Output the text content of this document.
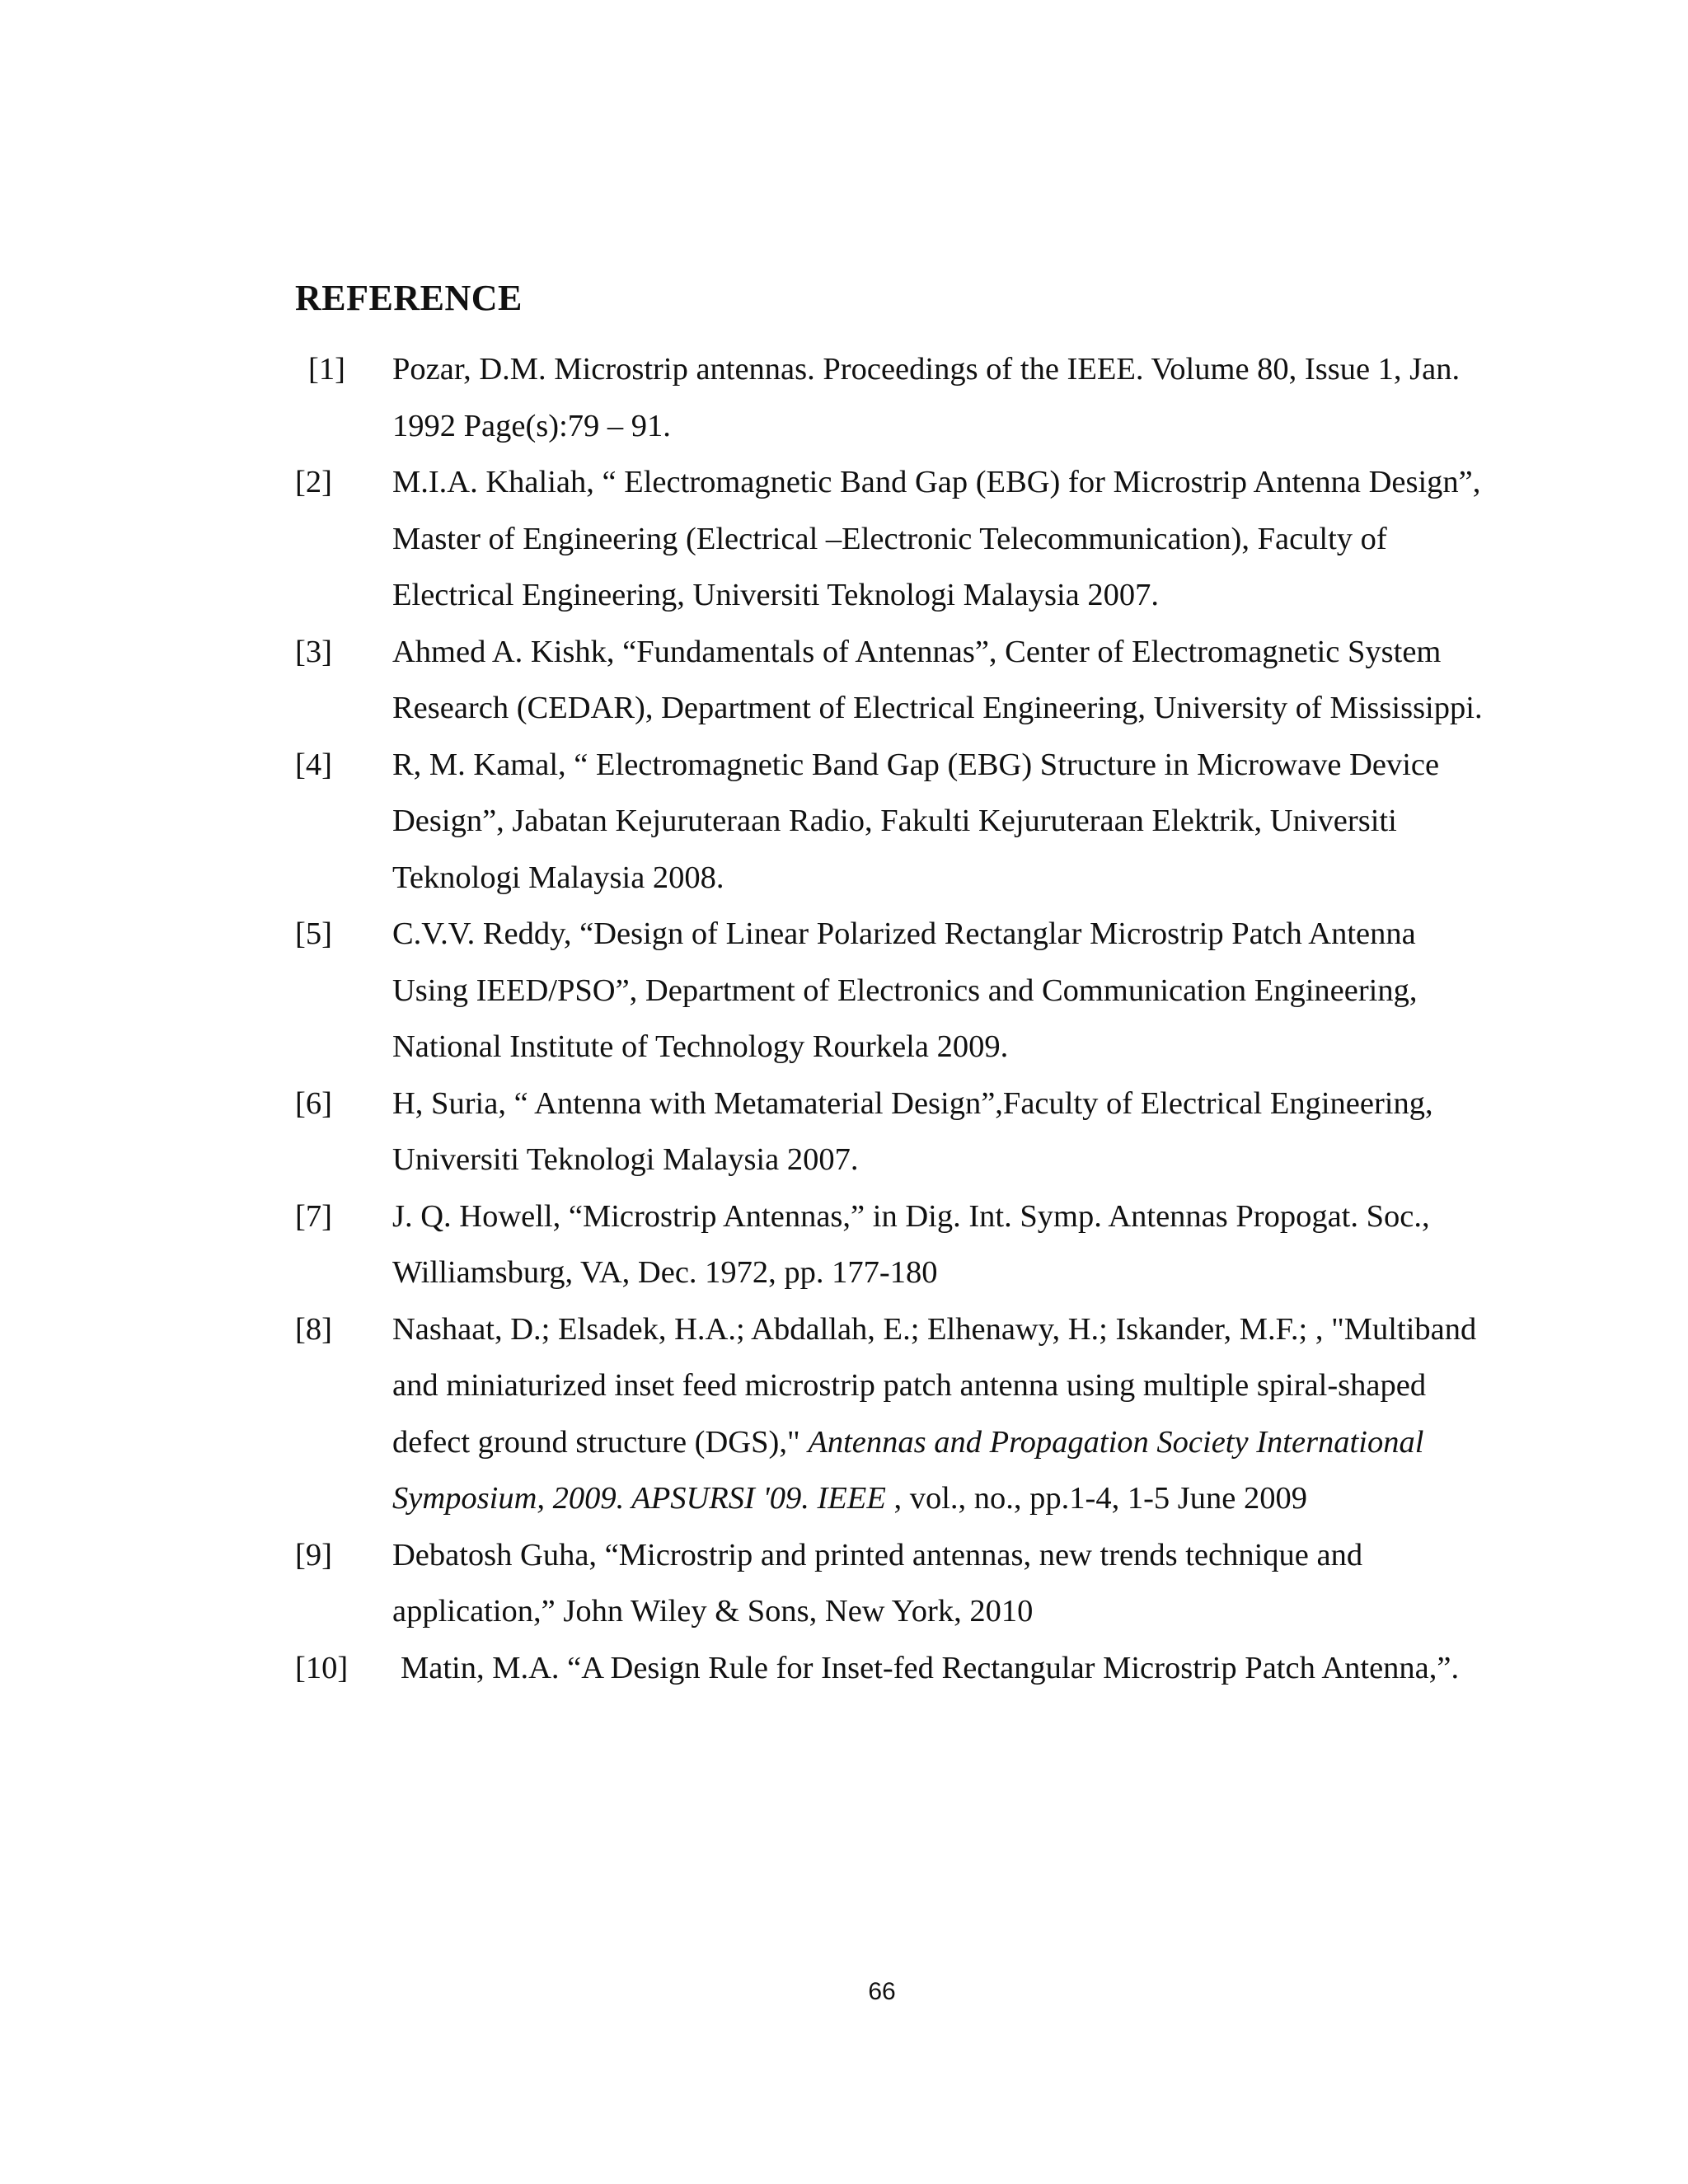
REFERENCE
[1]	Pozar, D.M. Microstrip antennas. Proceedings of the IEEE. Volume 80, Issue 1, Jan. 1992 Page(s):79 – 91.
[2]	M.I.A. Khaliah, “ Electromagnetic Band Gap (EBG) for Microstrip Antenna Design”, Master of Engineering (Electrical –Electronic Telecommunication), Faculty of Electrical Engineering, Universiti Teknologi Malaysia 2007.
[3]	Ahmed A. Kishk, “Fundamentals of Antennas”, Center of Electromagnetic System Research (CEDAR), Department of Electrical Engineering, University of Mississippi.
[4]	R, M. Kamal, “ Electromagnetic Band Gap (EBG) Structure in Microwave Device Design”, Jabatan Kejuruteraan Radio, Fakulti Kejuruteraan Elektrik, Universiti Teknologi Malaysia 2008.
[5]	C.V.V. Reddy, “Design of Linear Polarized Rectanglar Microstrip Patch Antenna Using IEED/PSO”, Department of Electronics and Communication Engineering, National Institute of Technology Rourkela 2009.
[6]	H, Suria, “ Antenna with Metamaterial Design”,Faculty of Electrical Engineering, Universiti Teknologi Malaysia 2007.
[7]	J. Q. Howell, “Microstrip Antennas,” in Dig. Int. Symp. Antennas Propogat. Soc., Williamsburg, VA, Dec. 1972, pp. 177-180
[8]	Nashaat, D.; Elsadek, H.A.; Abdallah, E.; Elhenawy, H.; Iskander, M.F.; , "Multiband and miniaturized inset feed microstrip patch antenna using multiple spiral-shaped defect ground structure (DGS)," Antennas and Propagation Society International Symposium, 2009. APSURSI '09. IEEE , vol., no., pp.1-4, 1-5 June 2009
[9]	Debatosh Guha, “Microstrip and printed antennas, new trends technique and application,” John Wiley & Sons, New York, 2010
[10]	Matin, M.A. “A Design Rule for Inset-fed Rectangular Microstrip Patch Antenna,”.
66
